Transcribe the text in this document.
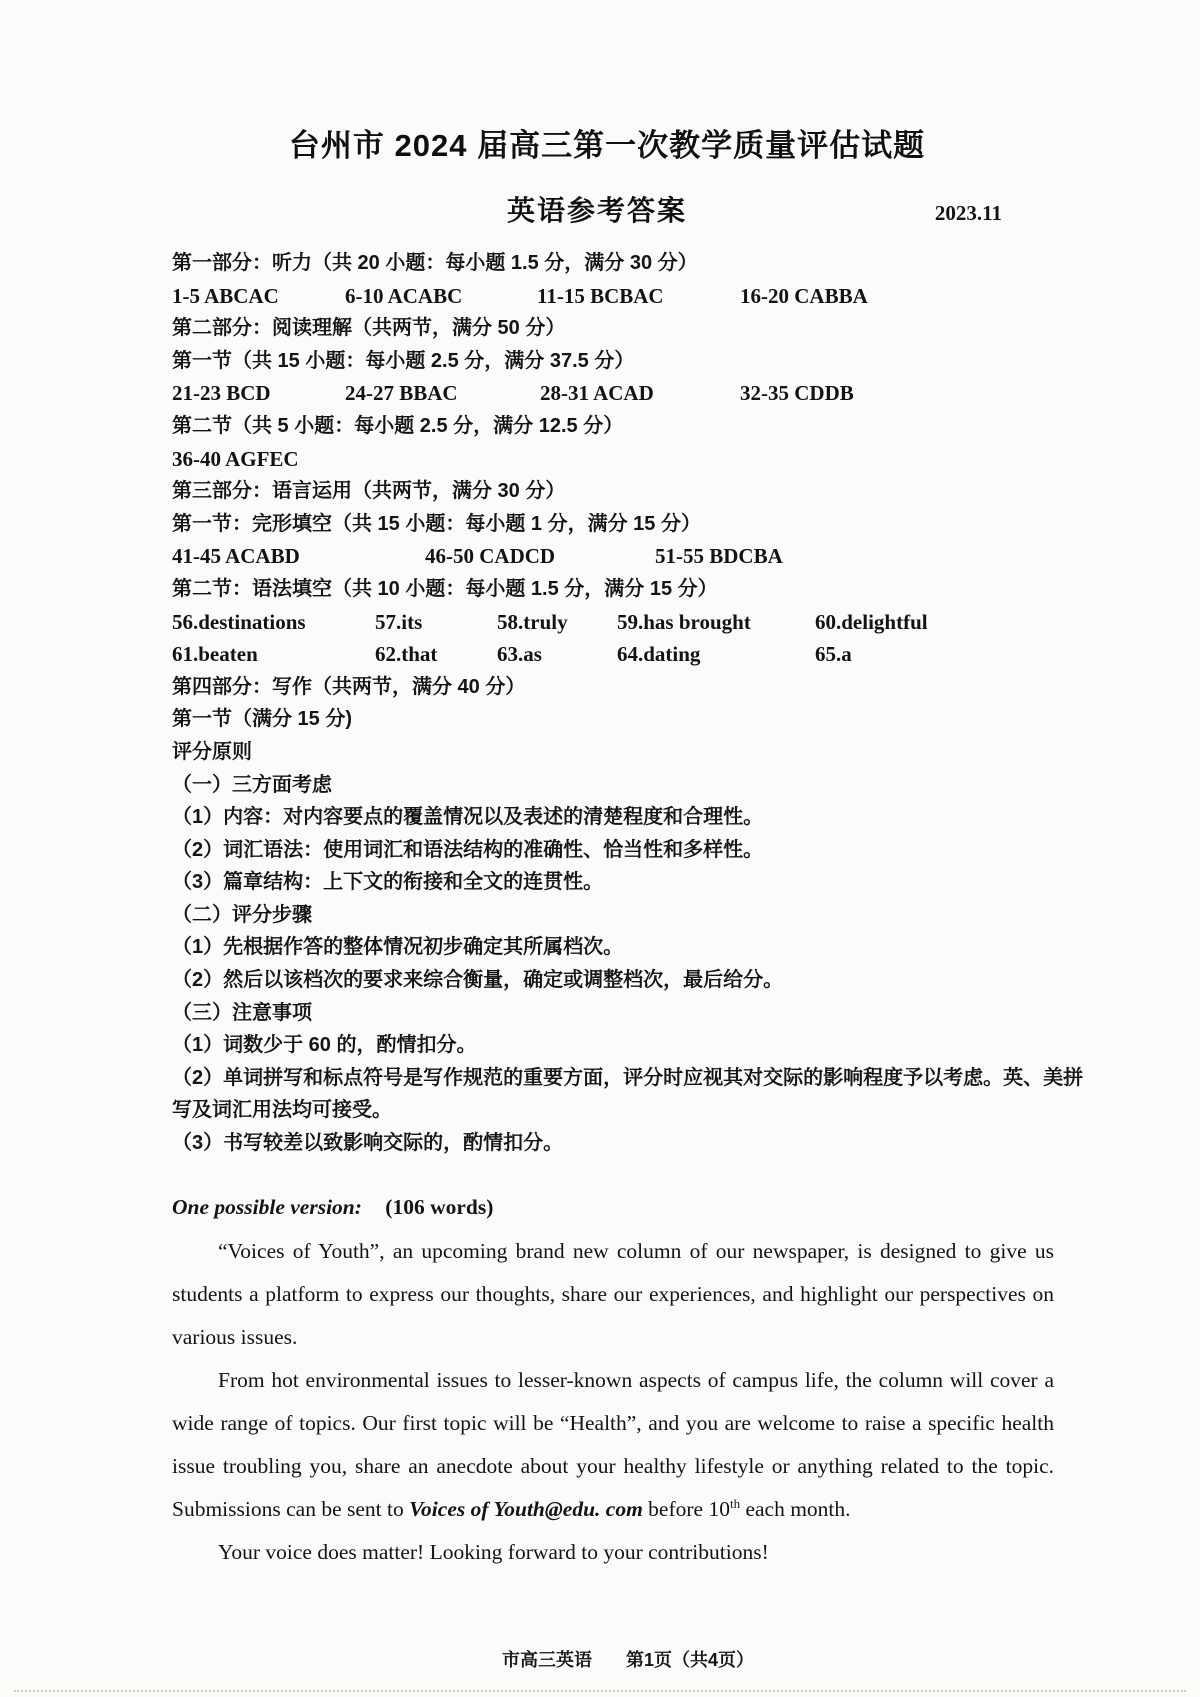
台州市 2024 届高三第一次教学质量评估试题
英语参考答案	2023.11
第一部分：听力（共 20 小题：每小题 1.5 分，满分 30 分）
1-5 ABCAC	6-10 ACABC	11-15 BCBAC	16-20 CABBA
第二部分：阅读理解（共两节，满分 50 分）
第一节（共 15 小题：每小题 2.5 分，满分 37.5 分）
21-23 BCD	24-27 BBAC	28-31 ACAD	32-35 CDDB
第二节（共 5 小题：每小题 2.5 分，满分 12.5 分）
36-40 AGFEC
第三部分：语言运用（共两节，满分 30 分）
第一节：完形填空（共 15 小题：每小题 1 分，满分 15 分）
41-45 ACABD	46-50 CADCD	51-55 BDCBA
第二节：语法填空（共 10 小题：每小题 1.5 分，满分 15 分）
56.destinations	57.its	58.truly	59.has brought	60.delightful
61.beaten	62.that	63.as	64.dating	65.a
第四部分：写作（共两节，满分 40 分）
第一节（满分 15 分)
评分原则
（一）三方面考虑
（1）内容：对内容要点的覆盖情况以及表述的清楚程度和合理性。
（2）词汇语法：使用词汇和语法结构的准确性、恰当性和多样性。
（3）篇章结构：上下文的衔接和全文的连贯性。
（二）评分步骤
（1）先根据作答的整体情况初步确定其所属档次。
（2）然后以该档次的要求来综合衡量，确定或调整档次，最后给分。
（三）注意事项
（1）词数少于 60 的，酌情扣分。
（2）单词拼写和标点符号是写作规范的重要方面，评分时应视其对交际的影响程度予以考虑。英、美拼写及词汇用法均可接受。
（3）书写较差以致影响交际的，酌情扣分。
One possible version: (106 words)

“Voices of Youth”, an upcoming brand new column of our newspaper, is designed to give us students a platform to express our thoughts, share our experiences, and highlight our perspectives on various issues.

From hot environmental issues to lesser-known aspects of campus life, the column will cover a wide range of topics. Our first topic will be “Health”, and you are welcome to raise a specific health issue troubling you, share an anecdote about your healthy lifestyle or anything related to the topic. Submissions can be sent to Voices of Youth@edu. com before 10th each month.

Your voice does matter! Looking forward to your contributions!

市高三英语 第1页（共4页）
